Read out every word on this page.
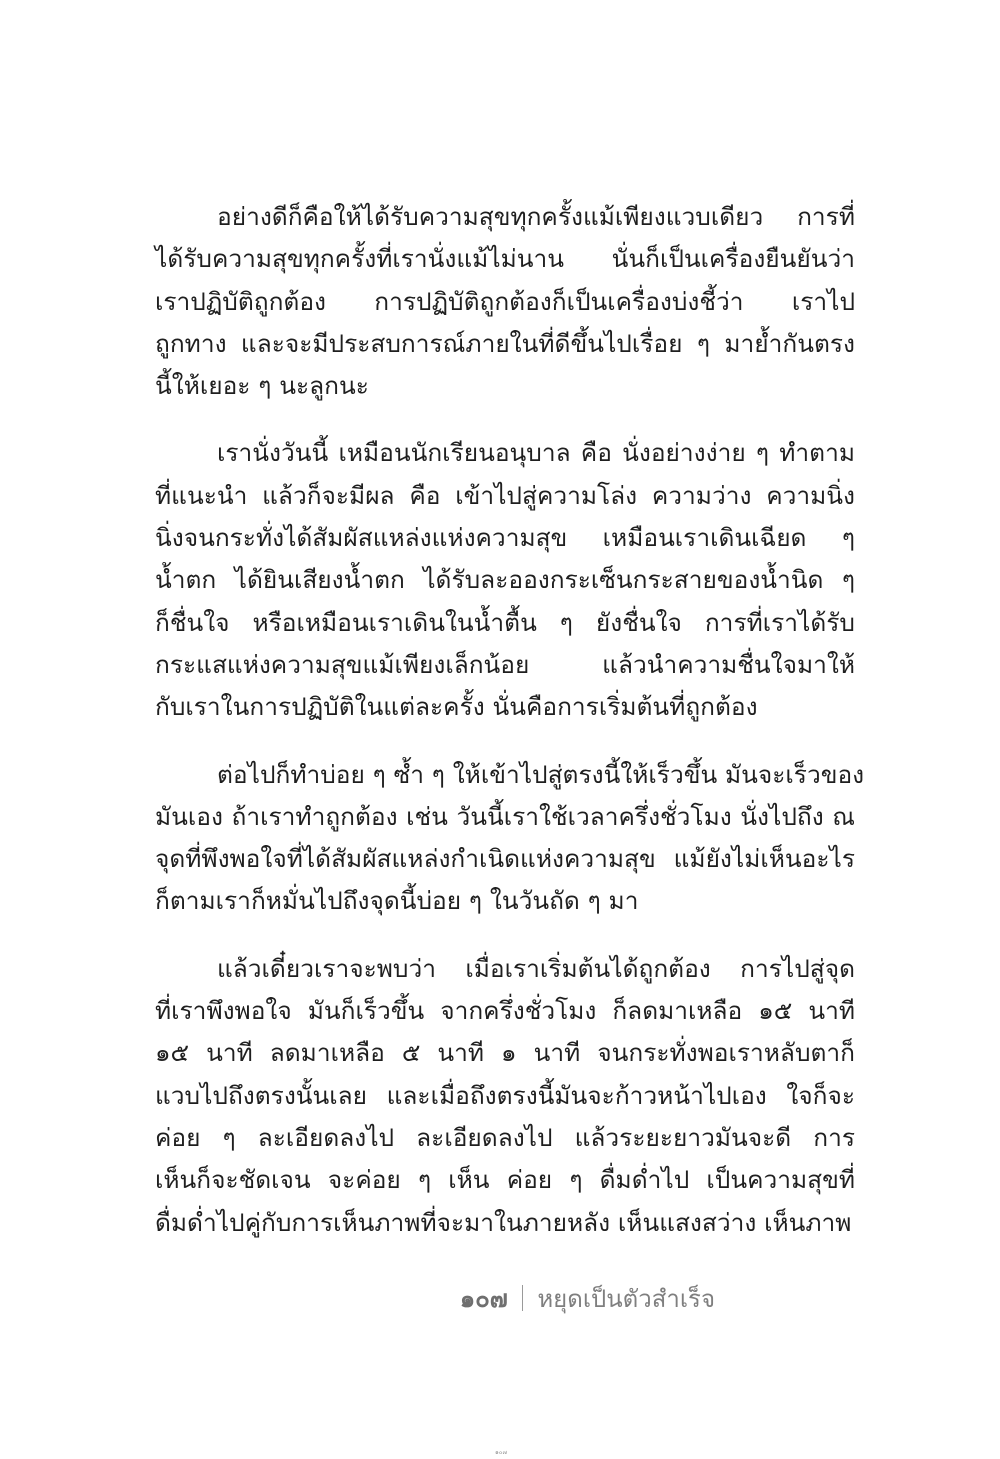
อย่างดีก็คือให้ได้รับความสุขทุกครั้งแม้เพียงแวบเดียว การที่
ได้รับความสุขทุกครั้งที่เรานั่งแม้ไม่นาน นั่นก็เป็นเครื่องยืนยันว่า
เราปฏิบัติถูกต้อง การปฏิบัติถูกต้องก็เป็นเครื่องบ่งชี้ว่า เราไป
ถูกทาง และจะมีประสบการณ์ภายในที่ดีขึ้นไปเรื่อย ๆ มาย้ำกันตรง
นี้ให้เยอะ ๆ นะลูกนะ
เรานั่งวันนี้ เหมือนนักเรียนอนุบาล คือ นั่งอย่างง่าย ๆ ทำตาม
ที่แนะนำ แล้วก็จะมีผล คือ เข้าไปสู่ความโล่ง ความว่าง ความนิ่ง
นิ่งจนกระทั่งได้สัมผัสแหล่งแห่งความสุข เหมือนเราเดินเฉียด ๆ
น้ำตก ได้ยินเสียงน้ำตก ได้รับละอองกระเซ็นกระสายของน้ำนิด ๆ
ก็ชื่นใจ หรือเหมือนเราเดินในน้ำตื้น ๆ ยังชื่นใจ การที่เราได้รับ
กระแสแห่งความสุขแม้เพียงเล็กน้อย แล้วนำความชื่นใจมาให้
กับเราในการปฏิบัติในแต่ละครั้ง นั่นคือการเริ่มต้นที่ถูกต้อง
ต่อไปก็ทำบ่อย ๆ ซ้ำ ๆ ให้เข้าไปสู่ตรงนี้ให้เร็วขึ้น มันจะเร็วของ
มันเอง ถ้าเราทำถูกต้อง เช่น วันนี้เราใช้เวลาครึ่งชั่วโมง นั่งไปถึง ณ
จุดที่พึงพอใจที่ได้สัมผัสแหล่งกำเนิดแห่งความสุข แม้ยังไม่เห็นอะไร
ก็ตามเราก็หมั่นไปถึงจุดนี้บ่อย ๆ ในวันถัด ๆ มา
แล้วเดี๋ยวเราจะพบว่า เมื่อเราเริ่มต้นได้ถูกต้อง การไปสู่จุด
ที่เราพึงพอใจ มันก็เร็วขึ้น จากครึ่งชั่วโมง ก็ลดมาเหลือ ๑๕ นาที
๑๕ นาที ลดมาเหลือ ๕ นาที ๑ นาที จนกระทั่งพอเราหลับตาก็
แวบไปถึงตรงนั้นเลย และเมื่อถึงตรงนี้มันจะก้าวหน้าไปเอง ใจก็จะ
ค่อย ๆ ละเอียดลงไป ละเอียดลงไป แล้วระยะยาวมันจะดี การ
เห็นก็จะชัดเจน จะค่อย ๆ เห็น ค่อย ๆ ดื่มด่ำไป เป็นความสุขที่
ดื่มด่ำไปคู่กับการเห็นภาพที่จะมาในภายหลัง เห็นแสงสว่าง เห็นภาพ
๑๐๗ หยุดเป็นตัวสำเร็จ
๑๐๗
